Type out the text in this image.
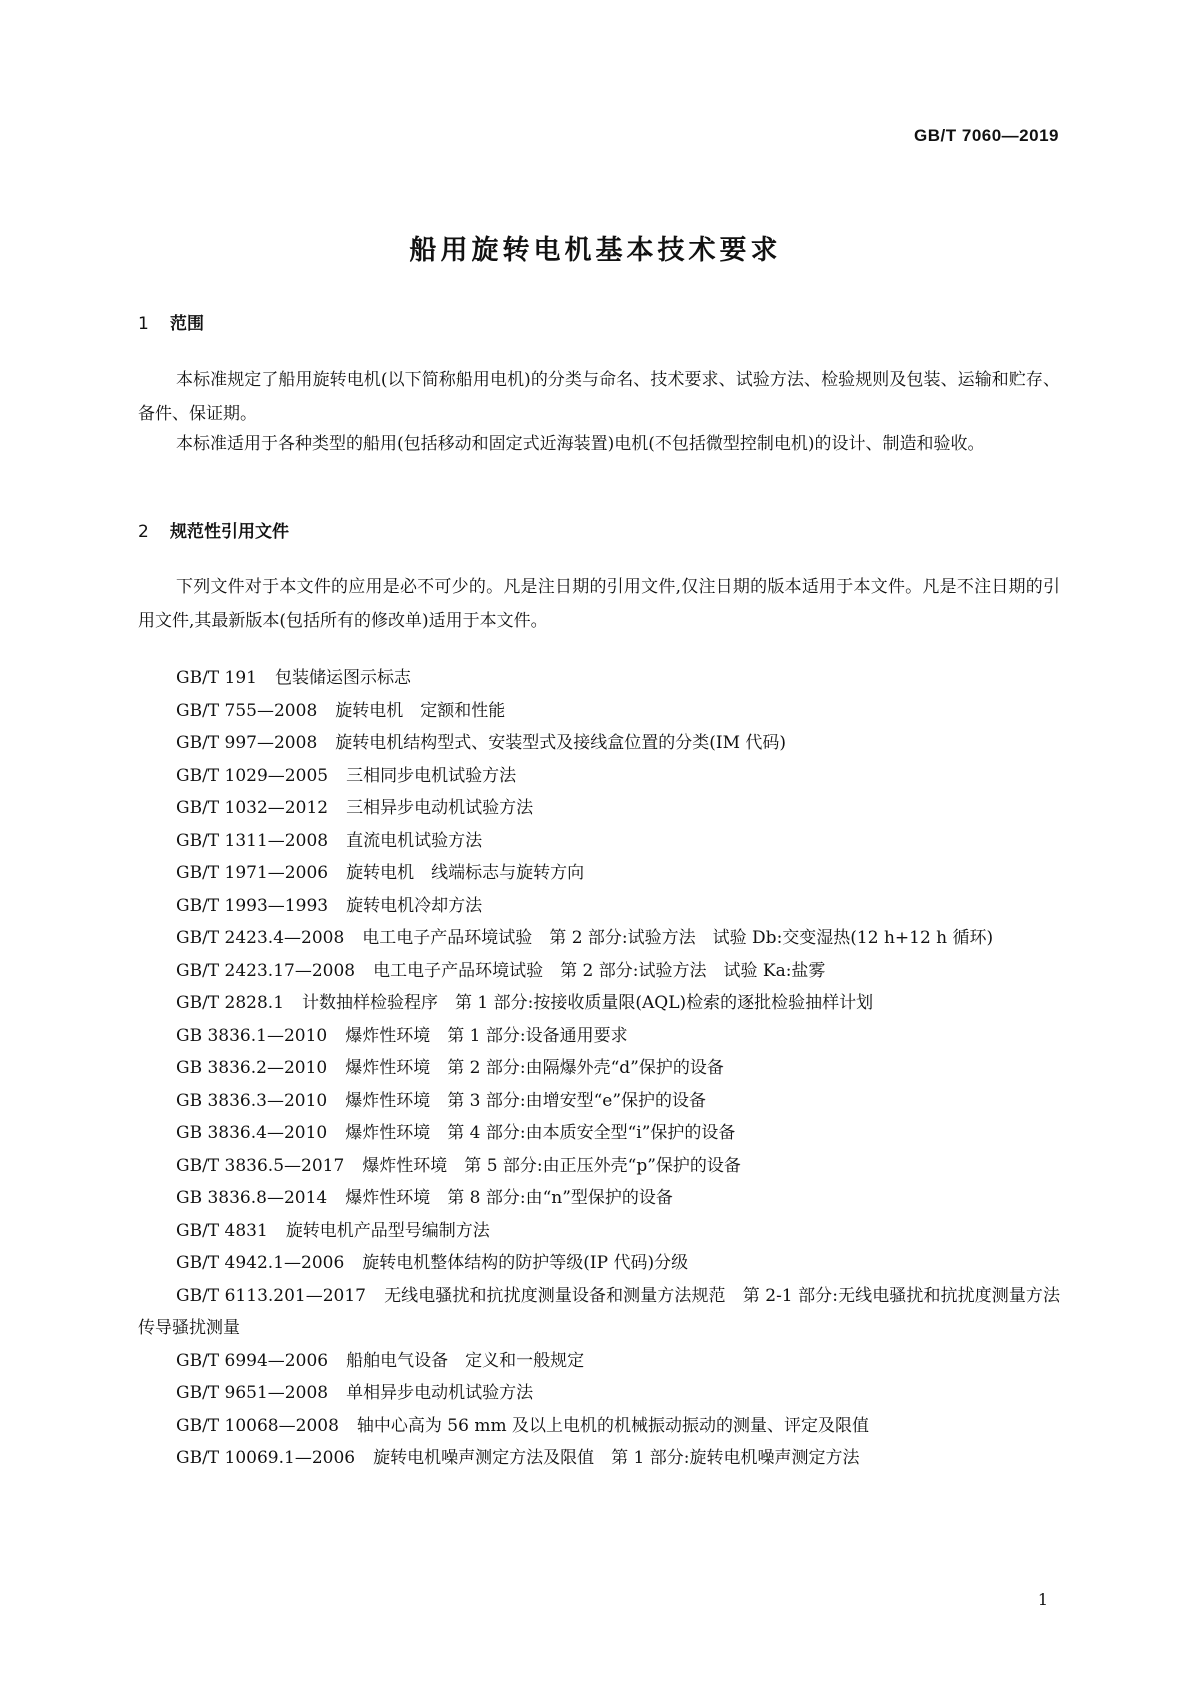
GB/T 7060—2019
船用旋转电机基本技术要求
1 范围

本标准规定了船用旋转电机(以下简称船用电机)的分类与命名、技术要求、试验方法、检验规则及包装、运输和贮存、备件、保证期。

本标准适用于各种类型的船用(包括移动和固定式近海装置)电机(不包括微型控制电机)的设计、制造和验收。

2 规范性引用文件

下列文件对于本文件的应用是必不可少的。凡是注日期的引用文件,仅注日期的版本适用于本文件。凡是不注日期的引用文件,其最新版本(包括所有的修改单)适用于本文件。

GB/T 191 包装储运图示标志
GB/T 755—2008 旋转电机　定额和性能
GB/T 997—2008 旋转电机结构型式、安装型式及接线盒位置的分类(IM 代码)
GB/T 1029—2005 三相同步电机试验方法
GB/T 1032—2012 三相异步电动机试验方法
GB/T 1311—2008 直流电机试验方法
GB/T 1971—2006 旋转电机　线端标志与旋转方向
GB/T 1993—1993 旋转电机冷却方法
GB/T 2423.4—2008 电工电子产品环境试验　第 2 部分:试验方法　试验 Db:交变湿热(12 h+12 h 循环)
GB/T 2423.17—2008 电工电子产品环境试验　第 2 部分:试验方法　试验 Ka:盐雾
GB/T 2828.1 计数抽样检验程序　第 1 部分:按接收质量限(AQL)检索的逐批检验抽样计划
GB 3836.1—2010 爆炸性环境　第 1 部分:设备通用要求
GB 3836.2—2010 爆炸性环境　第 2 部分:由隔爆外壳“d”保护的设备
GB 3836.3—2010 爆炸性环境　第 3 部分:由增安型“e”保护的设备
GB 3836.4—2010 爆炸性环境　第 4 部分:由本质安全型“i”保护的设备
GB/T 3836.5—2017 爆炸性环境　第 5 部分:由正压外壳“p”保护的设备
GB 3836.8—2014 爆炸性环境　第 8 部分:由“n”型保护的设备
GB/T 4831 旋转电机产品型号编制方法
GB/T 4942.1—2006 旋转电机整体结构的防护等级(IP 代码)分级
GB/T 6113.201—2017 无线电骚扰和抗扰度测量设备和测量方法规范　第 2-1 部分:无线电骚扰和抗扰度测量方法传导骚扰测量
GB/T 6994—2006 船舶电气设备　定义和一般规定
GB/T 9651—2008 单相异步电动机试验方法
GB/T 10068—2008 轴中心高为 56 mm 及以上电机的机械振动振动的测量、评定及限值
GB/T 10069.1—2006 旋转电机噪声测定方法及限值　第 1 部分:旋转电机噪声测定方法
1
